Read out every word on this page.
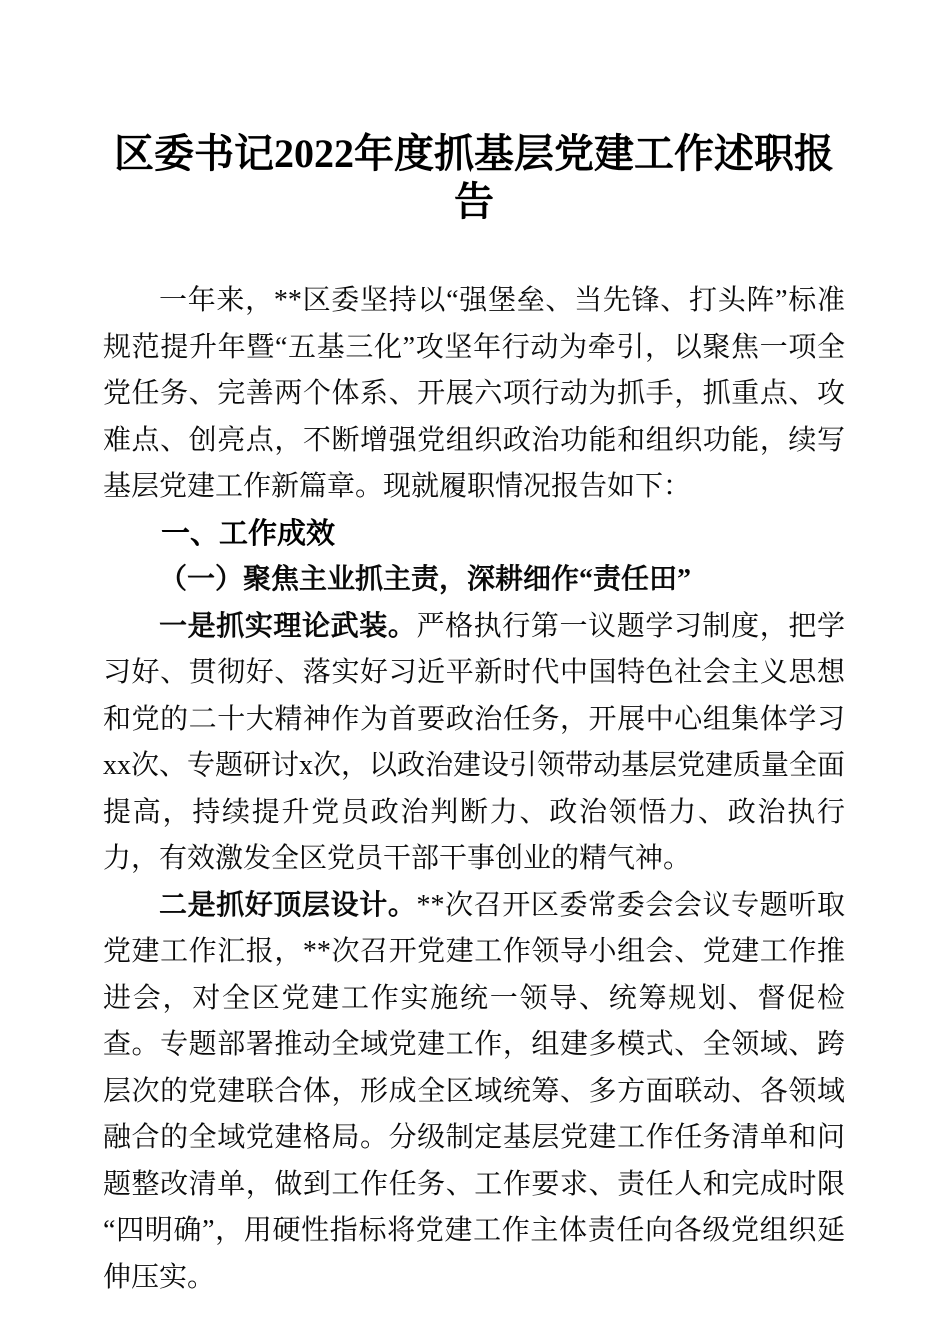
区委书记2022年度抓基层党建工作述职报告

一年来，**区委坚持以“强堡垒、当先锋、打头阵”标准规范提升年暨“五基三化”攻坚年行动为牵引，以聚焦一项全党任务、完善两个体系、开展六项行动为抓手，抓重点、攻难点、创亮点，不断增强党组织政治功能和组织功能，续写基层党建工作新篇章。现就履职情况报告如下：

一、工作成效
（一）聚焦主业抓主责，深耕细作“责任田”

一是抓实理论武装。严格执行第一议题学习制度，把学习好、贯彻好、落实好习近平新时代中国特色社会主义思想和党的二十大精神作为首要政治任务，开展中心组集体学习xx次、专题研讨x次，以政治建设引领带动基层党建质量全面提高，持续提升党员政治判断力、政治领悟力、政治执行力，有效激发全区党员干部干事创业的精气神。

二是抓好顶层设计。**次召开区委常委会会议专题听取党建工作汇报，**次召开党建工作领导小组会、党建工作推进会，对全区党建工作实施统一领导、统筹规划、督促检查。专题部署推动全域党建工作，组建多模式、全领域、跨层次的党建联合体，形成全区域统筹、多方面联动、各领域融合的全域党建格局。分级制定基层党建工作任务清单和问题整改清单，做到工作任务、工作要求、责任人和完成时限“四明确”，用硬性指标将党建工作主体责任向各级党组织延伸压实。
